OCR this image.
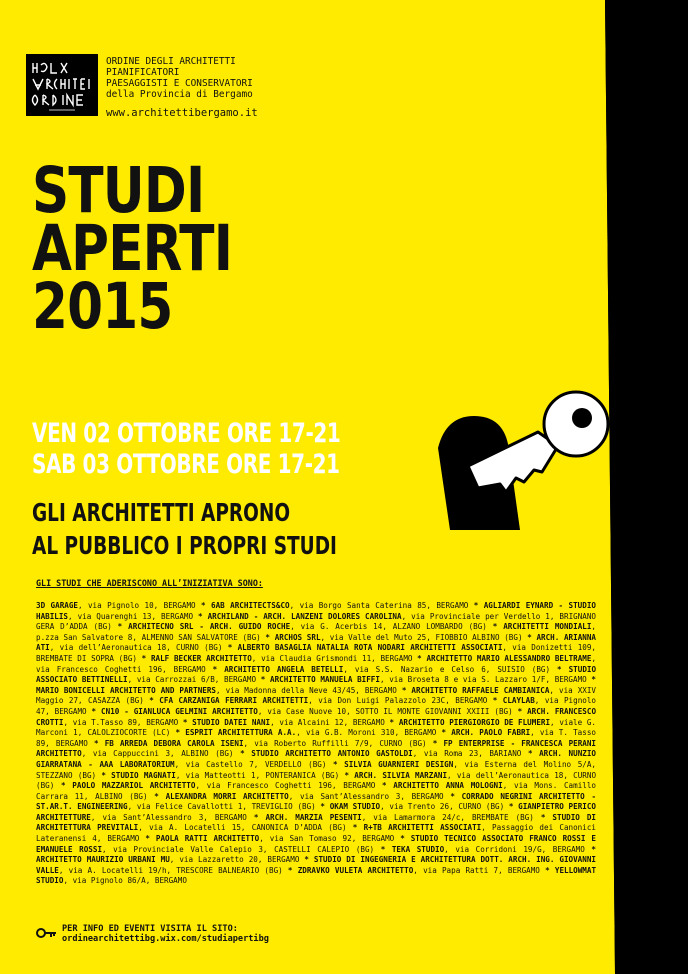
ORDINE DEGLI ARCHITETTI
PIANIFICATORI
PAESAGGISTI E CONSERVATORI
della Provincia di Bergamo
www.architettibergamo.it
STUDI
APERTI
2015
VEN 02 OTTOBRE ORE 17-21
SAB 03 OTTOBRE ORE 17-21
GLI ARCHITETTI APRONO
AL PUBBLICO I PROPRI STUDI
GLI STUDI CHE ADERISCONO ALL’INIZIATIVA SONO:
3D GARAGE, via Pignolo 10, BERGAMO * 6AB ARCHITECTS&CO, via Borgo Santa Caterina 85, BERGAMO * AGLIARDI EYNARD - STUDIO HABILIS, via Quarenghi 13, BERGAMO * ARCHILAND - ARCH. LANZENI DOLORES CAROLINA, via Provinciale per Verdello 1, BRIGNANO GERA D’ADDA (BG) * ARCHITECNO SRL - ARCH. GUIDO ROCHE, via G. Acerbis 14, ALZANO LOMBARDO (BG) * ARCHITETTI MONDIALI, p.zza San Salvatore 8, ALMENNO SAN SALVATORE (BG) * ARCHOS SRL, via Valle del Muto 25, FIOBBIO ALBINO (BG) * ARCH. ARIANNA ATI, via dell’Aeronautica 18, CURNO (BG) * ALBERTO BASAGLIA NATALIA ROTA NODARI ARCHITETTI ASSOCIATI, via Donizetti 109, BREMBATE DI SOPRA (BG) * RALF BECKER ARCHITETTO, via Claudia Grismondi 11, BERGAMO * ARCHITETTO MARIO ALESSANDRO BELTRAME, via Francesco Coghetti 196, BERGAMO * ARCHITETTO ANGELA BETELLI, via S.S. Nazario e Celso 6, SUISIO (BG) * STUDIO ASSOCIATO BETTINELLI, via Carrozzai 6/B, BERGAMO * ARCHITETTO MANUELA BIFFI, via Broseta 8 e via S. Lazzaro 1/F, BERGAMO * MARIO BONICELLI ARCHITETTO AND PARTNERS, via Madonna della Neve 43/45, BERGAMO * ARCHITETTO RAFFAELE CAMBIANICA, via XXIV Maggio 27, CASAZZA (BG) * CFA CARZANIGA FERRARI ARCHITETTI, via Don Luigi Palazzolo 23C, BERGAMO * CLAYLAB, via Pignolo 47, BERGAMO * CN10 - GIANLUCA GELMINI ARCHITETTO, via Case Nuove 10, SOTTO IL MONTE GIOVANNI XXIII (BG) * ARCH. FRANCESCO CROTTI, via T.Tasso 89, BERGAMO * STUDIO DATEI NANI, via Alcaini 12, BERGAMO * ARCHITETTO PIERGIORGIO DE FLUMERI, viale G. Marconi 1, CALOLZIOCORTE (LC) * ESPRIT ARCHITETTURA A.A., via G.B. Moroni 310, BERGAMO * ARCH. PAOLO FABRI, via T. Tasso 89, BERGAMO * FB ARREDA DEBORA CAROLA ISENI, via Roberto Ruffilli 7/9, CURNO (BG) * FP ENTERPRISE - FRANCESCA PERANI ARCHITETTO, via Cappuccini 3, ALBINO (BG) * STUDIO ARCHITETTO ANTONIO GASTOLDI, via Roma 23, BARIANO * ARCH. NUNZIO GIARRATANA - AAA LABORATORIUM, via Castello 7, VERDELLO (BG) * SILVIA GUARNIERI DESIGN, via Esterna del Molino 5/A, STEZZANO (BG) * STUDIO MAGNATI, via Matteotti 1, PONTERANICA (BG) * ARCH. SILVIA MARZANI, via dell’Aeronautica 18, CURNO (BG) * PAOLO MAZZARIOL ARCHITETTO, via Francesco Coghetti 196, BERGAMO * ARCHITETTO ANNA MOLOGNI, via Mons. Camillo Carrara 11, ALBINO (BG) * ALEXANDRA MORRI ARCHITETTO, via Sant’Alessandro 3, BERGAMO * CORRADO NEGRINI ARCHITETTO - ST.AR.T. ENGINEERING, via Felice Cavallotti 1, TREVIGLIO (BG) * OKAM STUDIO, via Trento 26, CURNO (BG) * GIANPIETRO PERICO ARCHITETTURE, via Sant’Alessandro 3, BERGAMO * ARCH. MARZIA PESENTI, via Lamarmora 24/c, BREMBATE (BG) * STUDIO DI ARCHITETTURA PREVITALI, via A. Locatelli 15, CANONICA D’ADDA (BG) * R+TB ARCHITETTI ASSOCIATI, Passaggio dei Canonici Lateranensi 4, BERGAMO * PAOLA RATTI ARCHITETTO, via San Tomaso 92, BERGAMO * STUDIO TECNICO ASSOCIATO FRANCO ROSSI E EMANUELE ROSSI, via Provinciale Valle Calepio 3, CASTELLI CALEPIO (BG) * TEKA STUDIO, via Corridoni 19/G, BERGAMO * ARCHITETTO MAURIZIO URBANI MU, via Lazzaretto 20, BERGAMO * STUDIO DI INGEGNERIA E ARCHITETTURA DOTT. ARCH. ING. GIOVANNI VALLE, via A. Locatelli 19/h, TRESCORE BALNEARIO (BG) * ZDRAVKO VULETA ARCHITETTO, via Papa Ratti 7, BERGAMO * YELLOWMAT STUDIO, via Pignolo 86/A, BERGAMO
PER INFO ED EVENTI VISITA IL SITO:
ordinearchitettibg.wix.com/studiapertibg
